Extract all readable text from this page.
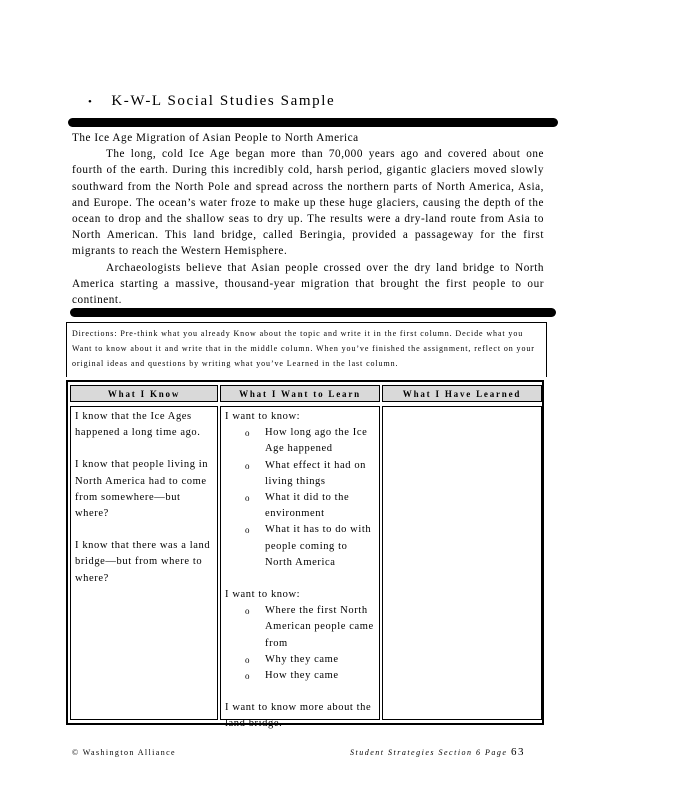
• K-W-L Social Studies Sample

The Ice Age Migration of Asian People to North America

The long, cold Ice Age began more than 70,000 years ago and covered about one fourth of the earth. During this incredibly cold, harsh period, gigantic glaciers moved slowly southward from the North Pole and spread across the northern parts of North America, Asia, and Europe. The ocean’s water froze to make up these huge glaciers, causing the depth of the ocean to drop and the shallow seas to dry up. The results were a dry-land route from Asia to North American. This land bridge, called Beringia, provided a passageway for the first migrants to reach the Western Hemisphere.

Archaeologists believe that Asian people crossed over the dry land bridge to North America starting a massive, thousand-year migration that brought the first people to our continent.

Directions: Pre-think what you already Know about the topic and write it in the first column. Decide what you Want to know about it and write that in the middle column. When you’ve finished the assignment, reflect on your original ideas and questions by writing what you’ve Learned in the last column.
What I Know

I know that the Ice Ages happened a long time ago.

I know that people living in North America had to come from somewhere—but where?

I know that there was a land bridge—but from where to where?

What I Want to Learn

I want to know:

o How long ago the Ice Age happened
o What effect it had on living things
o What it did to the environment
o What it has to do with people coming to North America

I want to know:

o Where the first North American people came from
o Why they came
o How they came

I want to know more about the land bridge.

What I Have Learned
© Washington Alliance	Student Strategies Section 6 Page 63
